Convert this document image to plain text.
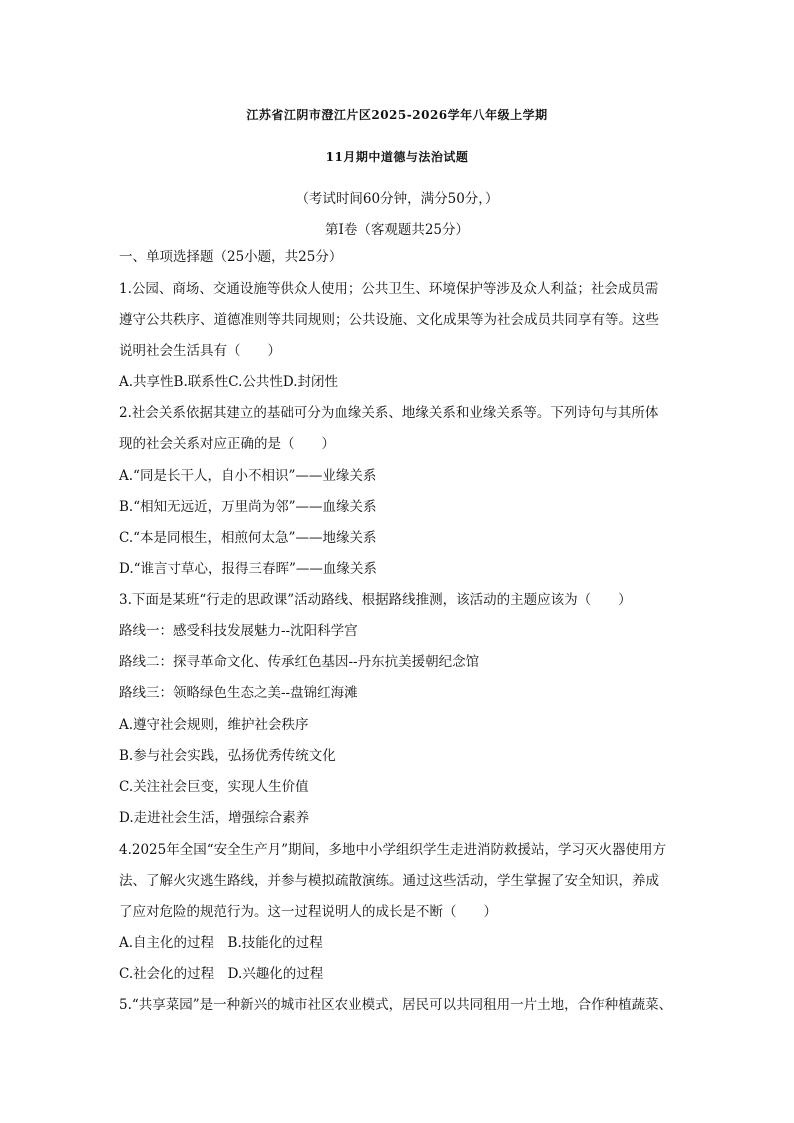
江苏省江阴市澄江片区2025-2026学年八年级上学期
11月期中道德与法治试题
（考试时间60分钟，满分50分，）
第Ⅰ卷（客观题共25分）
一、单项选择题（25小题，共25分）
1.公园、商场、交通设施等供众人使用；公共卫生、环境保护等涉及众人利益；社会成员需
遵守公共秩序、道德准则等共同规则；公共设施、文化成果等为社会成员共同享有等。这些
说明社会生活具有（　　）
A.共享性B.联系性C.公共性D.封闭性
2.社会关系依据其建立的基础可分为血缘关系、地缘关系和业缘关系等。下列诗句与其所体
现的社会关系对应正确的是（　　）
A.“同是长干人，自小不相识”——业缘关系
B.“相知无远近，万里尚为邻”——血缘关系
C.“本是同根生，相煎何太急”——地缘关系
D.“谁言寸草心，报得三春晖”——血缘关系
3.下面是某班“行走的思政课”活动路线、根据路线推测，该活动的主题应该为（　　）
路线一：感受科技发展魅力--沈阳科学宫
路线二：探寻革命文化、传承红色基因--丹东抗美援朝纪念馆
路线三：领略绿色生态之美--盘锦红海滩
A.遵守社会规则，维护社会秩序
B.参与社会实践，弘扬优秀传统文化
C.关注社会巨变，实现人生价值
D.走进社会生活，增强综合素养
4.2025年全国“安全生产月”期间，多地中小学组织学生走进消防救援站，学习灭火器使用方
法、了解火灾逃生路线，并参与模拟疏散演练。通过这些活动，学生掌握了安全知识，养成
了应对危险的规范行为。这一过程说明人的成长是不断（　　）
A.自主化的过程　B.技能化的过程
C.社会化的过程　D.兴趣化的过程
5.“共享菜园”是一种新兴的城市社区农业模式，居民可以共同租用一片土地，合作种植蔬菜、
